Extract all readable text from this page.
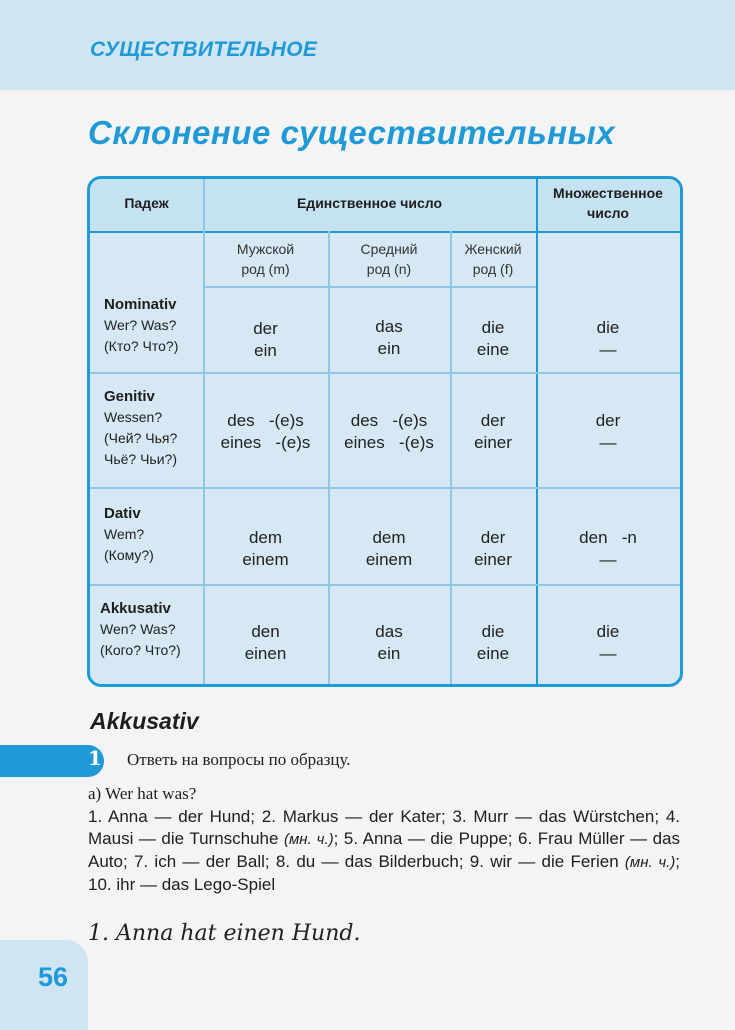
СУЩЕСТВИТЕЛЬНОЕ
Склонение существительных
Падеж	Единственное число
Множественное
число
Мужской
род (m)
Средний
род (n)
Женский
род (f)
Nominativ
Wer? Was?
(Кто? Что?)
der
ein
das
ein
die
eine
die
—
Genitiv
Wessen?
(Чей? Чья?
Чьё? Чьи?)
des   -(e)s
eines   -(e)s
des   -(e)s
eines   -(e)s
der
einer
der
—
Dativ
Wem?
(Кому?)
dem
einem
dem
einem
der
einer
den   -n
—
Akkusativ
Wen? Was?
(Кого? Что?)
den
einen
das
ein
die
eine
die
—
Akkusativ
1 Ответь на вопросы по образцу.
a) Wer hat was?
1. Anna — der Hund; 2. Markus — der Kater; 3. Murr — das Würstchen; 4. Mausi — die Turnschuhe (мн. ч.); 5. Anna — die Puppe; 6. Frau Müller — das Auto; 7. ich — der Ball; 8. du — das Bilderbuch; 9. wir — die Ferien (мн. ч.); 10. ihr — das Lego-Spiel
1. Anna hat einen Hund.
56
